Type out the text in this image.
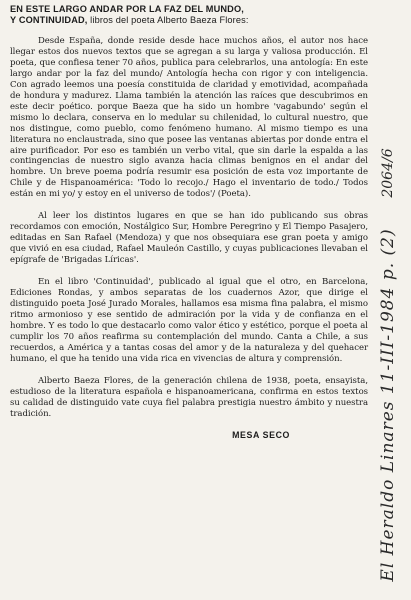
EN ESTE LARGO ANDAR POR LA FAZ DEL MUNDO,
Y CONTINUIDAD, libros del poeta Alberto Baeza Flores:

Desde España, donde reside desde hace muchos años, el autor nos hace llegar estos dos nuevos textos que se agregan a su larga y valiosa producción. El poeta, que confiesa tener 70 años, publica para celebrarlos, una antología: En este largo andar por la faz del mundo/ Antología hecha con rigor y con inteligencia. Con agrado leemos una poesía constituida de claridad y emotividad, acompañada de hondura y madurez. Llama también la atención las raíces que descubrimos en este decir poético. porque Baeza que ha sido un hombre 'vagabundo' según el mismo lo declara, conserva en lo medular su chilenidad, lo cultural nuestro, que nos distingue, como pueblo, como fenómeno humano. Al mismo tiempo es una literatura no enclaustrada, sino que posee las ventanas abiertas por donde entra el aire purificador. Por eso es también un verbo vital, que sin darle la espalda a las contingencias de nuestro siglo avanza hacia climas benignos en el andar del hombre. Un breve poema podría resumir esa posición de esta voz importante de Chile y de Hispanoamérica: 'Todo lo recojo./ Hago el inventario de todo./ Todos están en mi yo/ y estoy en el universo de todos'/ (Poeta).

Al leer los distintos lugares en que se han ido publicando sus obras recordamos con emoción, Nostálgico Sur, Hombre Peregrino y El Tiempo Pasajero, editadas en San Rafael (Mendoza) y que nos obsequiara ese gran poeta y amigo que vivió en esa ciudad, Rafael Mauleón Castillo, y cuyas publicaciones llevaban el epígrafe de 'Brigadas Líricas'.

En el libro 'Continuidad', publicado al igual que el otro, en Barcelona, Ediciones Rondas, y ambos separatas de los cuadernos Azor, que dirige el distinguido poeta José Jurado Morales, hallamos esa misma fina palabra, el mismo ritmo armonioso y ese sentido de admiración por la vida y de confianza en el hombre. Y es todo lo que destacarlo como valor ético y estético, porque el poeta al cumplir los 70 años reafirma su contemplación del mundo. Canta a Chile, a sus recuerdos, a América y a tantas cosas del amor y de la naturaleza y del quehacer humano, el que ha tenido una vida rica en vivencias de altura y comprensión.

Alberto Baeza Flores, de la generación chilena de 1938, poeta, ensayista, estudioso de la literatura española e hispanoamericana, confirma en estos textos su calidad de distinguido vate cuya fiel palabra prestigia nuestro ámbito y nuestra tradición.

MESA SECO

2064/6
El Heraldo Linares 11-III-1984 p. (2)
